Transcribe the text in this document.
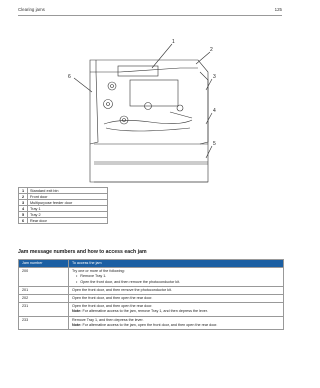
Clearing jams	125
1
2
3
4
5
6
1	Standard exit bin
2	Front door
3	Multipurpose feeder door
4	Tray 1
5	Tray 2
6	Rear door
Jam message numbers and how to access each jam
Jam number	To access the jam
200	Try one or more of the following:
• Remove Tray 1.
• Open the front door, and then remove the photoconductor kit.

201	Open the front door, and then remove the photoconductor kit.

202	Open the front door, and then open the rear door.

231	Open the front door, and then open the rear door.
Note: For alternative access to the jam, remove Tray 1, and then depress the lever.

233	Remove Tray 1, and then depress the lever.
Note: For alternative access to the jam, open the front door, and then open the rear door.
